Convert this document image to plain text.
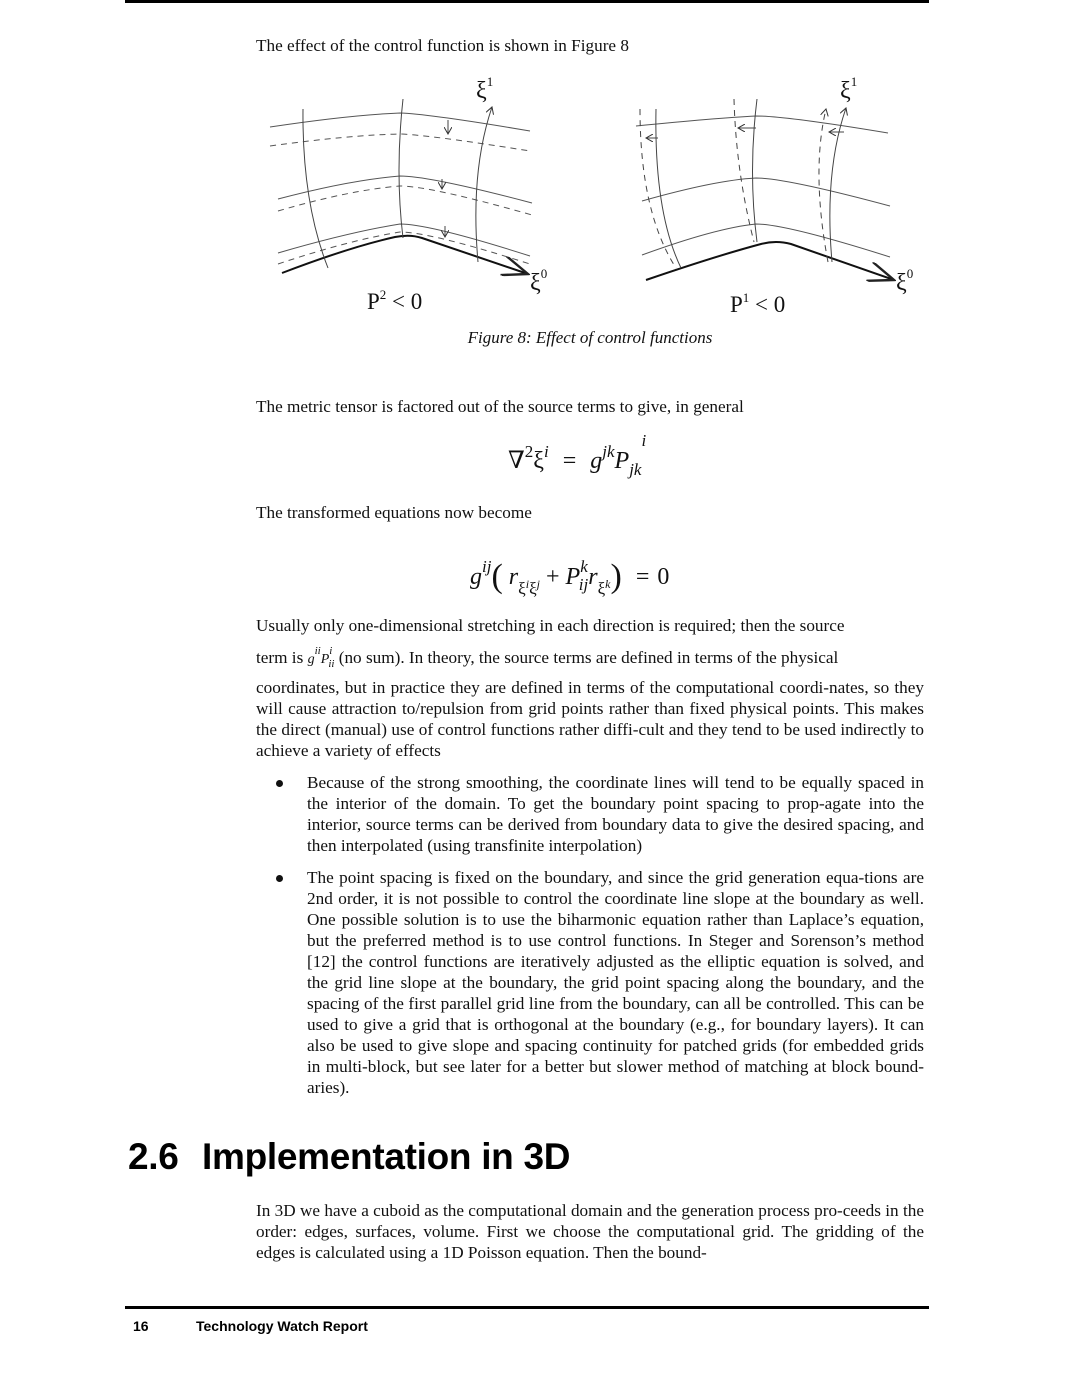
The effect of the control function is shown in Figure 8
$\xi^1$
$\xi^0$
$P^2 < 0$
$\xi^1$
$\xi^0$
$P^1 < 0$
Figure 8: Effect of control functions
The metric tensor is factored out of the source terms to give, in general
$\nabla^2\xi^i = g^{jk}P_{jk}^i$
The transformed equations now become
$g^{ij}$( $r_{\xi^i\xi^j} + P^k_{ij}r_{\xi^k}) = 0$
Usually only one-dimensional stretching in each direction is required; then the source
term is $g^{ii}P^i_{ii}$ (no sum). In theory, the source terms are defined in terms of the physical
coordinates, but in practice they are defined in terms of the computational coordi-nates, so they will cause attraction to/repulsion from grid points rather than fixed physical points. This makes the direct (manual) use of control functions rather diffi-cult and they tend to be used indirectly to achieve a variety of effects
Because of the strong smoothing, the coordinate lines will tend to be equally spaced in the interior of the domain. To get the boundary point spacing to prop-agate into the interior, source terms can be derived from boundary data to give the desired spacing, and then interpolated (using transfinite interpolation)
The point spacing is fixed on the boundary, and since the grid generation equa-tions are 2nd order, it is not possible to control the coordinate line slope at the boundary as well. One possible solution is to use the biharmonic equation rather than Laplace’s equation, but the preferred method is to use control functions. In Steger and Sorenson’s method [12] the control functions are iteratively adjusted as the elliptic equation is solved, and the grid line slope at the boundary, the grid point spacing along the boundary, and the spacing of the first parallel grid line from the boundary, can all be controlled. This can be used to give a grid that is orthogonal at the boundary (e.g., for boundary layers). It can also be used to give slope and spacing continuity for patched grids (for embedded grids in multi-block, but see later for a better but slower method of matching at block bound-aries).
2.6 Implementation in 3D
In 3D we have a cuboid as the computational domain and the generation process pro-ceeds in the order: edges, surfaces, volume. First we choose the computational grid. The gridding of the edges is calculated using a 1D Poisson equation. Then the bound-
16	Technology Watch Report
